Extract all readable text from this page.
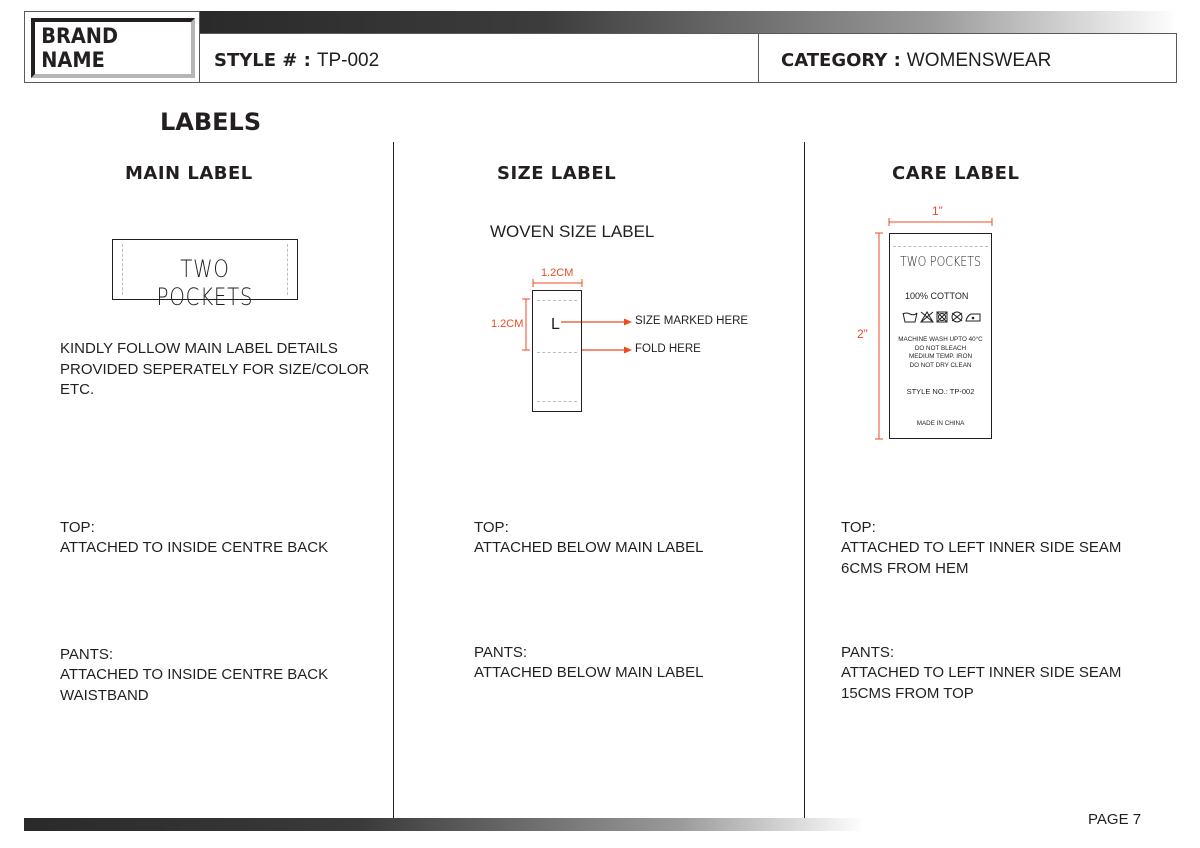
BRAND NAME	STYLE # : TP-002	CATEGORY : WOMENSWEAR
LABELS
MAIN LABEL
TWO POCKETS
KINDLY FOLLOW MAIN LABEL DETAILS PROVIDED SEPERATELY FOR SIZE/COLOR ETC.
TOP:
ATTACHED TO INSIDE CENTRE BACK
PANTS:
ATTACHED TO INSIDE CENTRE BACK WAISTBAND
SIZE LABEL
WOVEN SIZE LABEL
L
1.2CM
1.2CM	SIZE MARKED HERE
FOLD HERE
TOP:
ATTACHED BELOW MAIN LABEL
PANTS:
ATTACHED BELOW MAIN LABEL
CARE LABEL
1”
2”
TWO POCKETS
100% COTTON
MACHINE WASH UPTO 40°C
DO NOT BLEACH
MEDIUM TEMP. IRON
DO NOT DRY CLEAN
STYLE NO.: TP-002
MADE IN CHINA
TOP:
ATTACHED TO LEFT INNER SIDE SEAM
6CMS FROM HEM
PANTS:
ATTACHED TO LEFT INNER SIDE SEAM
15CMS FROM TOP
PAGE 7
